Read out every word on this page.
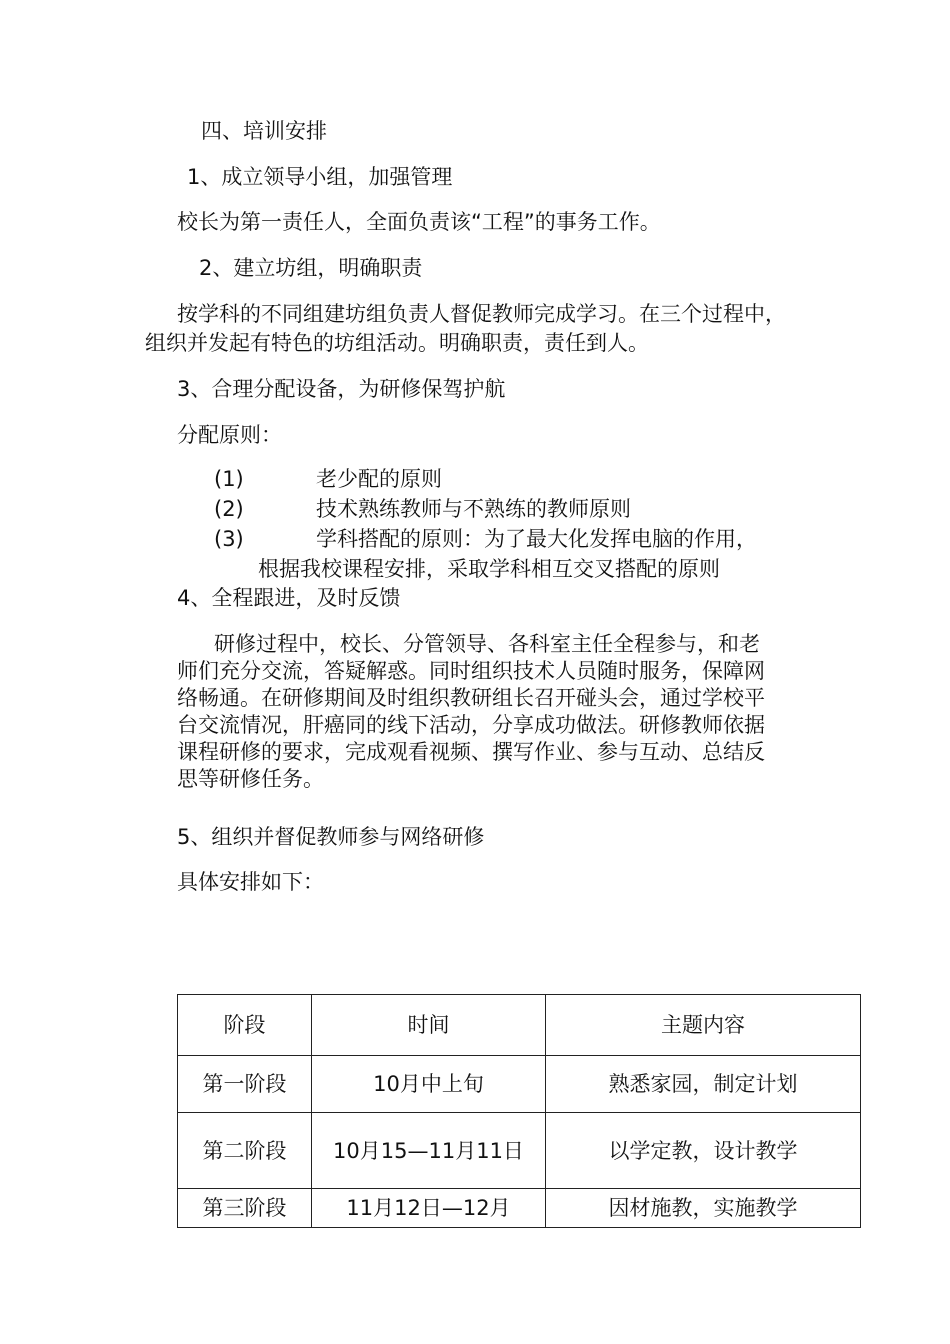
四、培训安排

1、成立领导小组，加强管理

校长为第一责任人，全面负责该“工程”的事务工作。

2、建立坊组，明确职责

按学科的不同组建坊组负责人督促教师完成学习。在三个过程中，

组织并发起有特色的坊组活动。明确职责，责任到人。

3、合理分配设备，为研修保驾护航

分配原则：

(1)	老少配的原则
(2)	技术熟练教师与不熟练的教师原则
(3)	学科搭配的原则：为了最大化发挥电脑的作用，
根据我校课程安排，采取学科相互交叉搭配的原则

4、全程跟进，及时反馈

研修过程中，校长、分管领导、各科室主任全程参与，和老

师们充分交流，答疑解惑。同时组织技术人员随时服务，保障网

络畅通。在研修期间及时组织教研组长召开碰头会，通过学校平

台交流情况，肝癌同的线下活动，分享成功做法。研修教师依据

课程研修的要求，完成观看视频、撰写作业、参与互动、总结反

思等研修任务。

5、组织并督促教师参与网络研修

具体安排如下：

阶段	时间	主题内容
第一阶段	10月中上旬	熟悉家园，制定计划
第二阶段	10月15—11月11日	以学定教，设计教学
第三阶段	11月12日—12月	因材施教，实施教学
